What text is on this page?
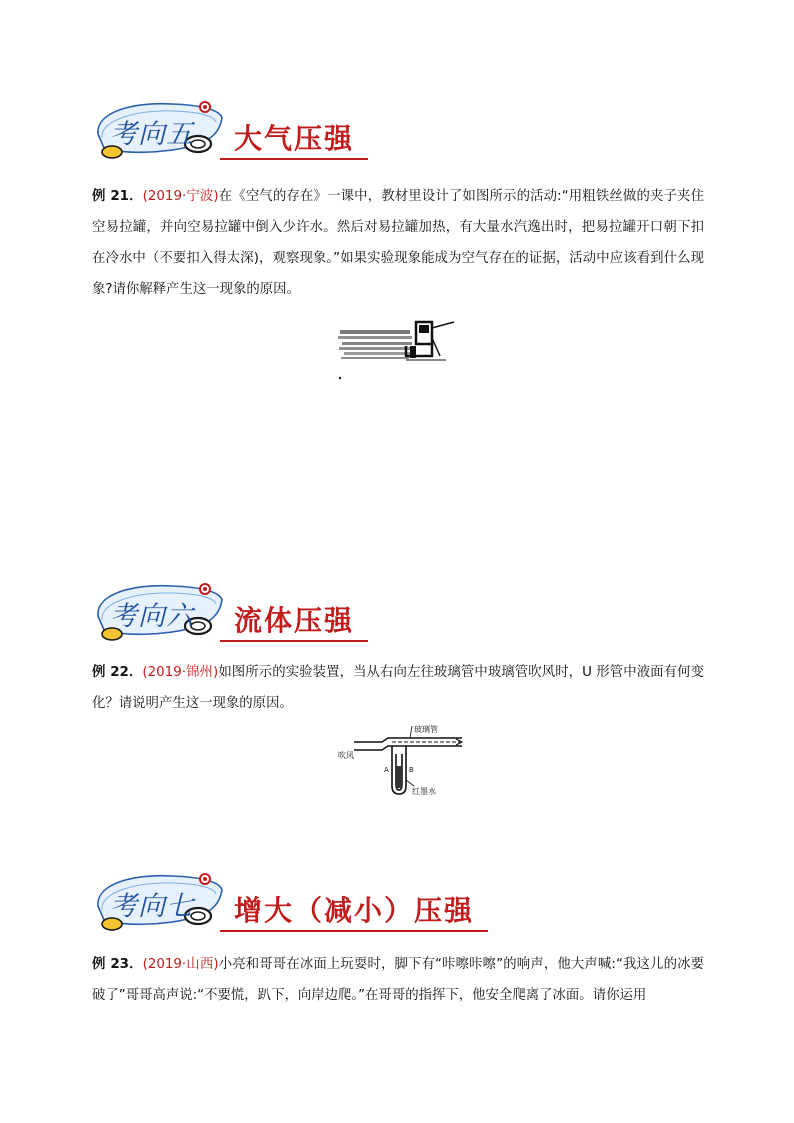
考向五	大气压强
例 21．(2019·宁波)在《空气的存在》一课中，教材里设计了如图所示的活动:“用粗铁丝做的夹子夹住空易拉罐，并向空易拉罐中倒入少许水。然后对易拉罐加热，有大量水汽逸出时，把易拉罐开口朝下扣在冷水中（不要扣入得太深)，观察现象。”如果实验现象能成为空气存在的证据，活动中应该看到什么现象?请你解释产生这一现象的原因。
考向六	流体压强
例 22．(2019·锦州)如图所示的实验装置，当从右向左往玻璃管中玻璃管吹风时，U 形管中液面有何变化？请说明产生这一现象的原因。
玻璃管
吹风
A	B
红墨水
考向七	增大（减小）压强
例 23．(2019·山西)小亮和哥哥在冰面上玩耍时，脚下有“咔嚓咔嚓”的响声，他大声喊:“我这儿的冰要破了”哥哥高声说:“不要慌，趴下，向岸边爬。”在哥哥的指挥下，他安全爬离了冰面。请你运用
